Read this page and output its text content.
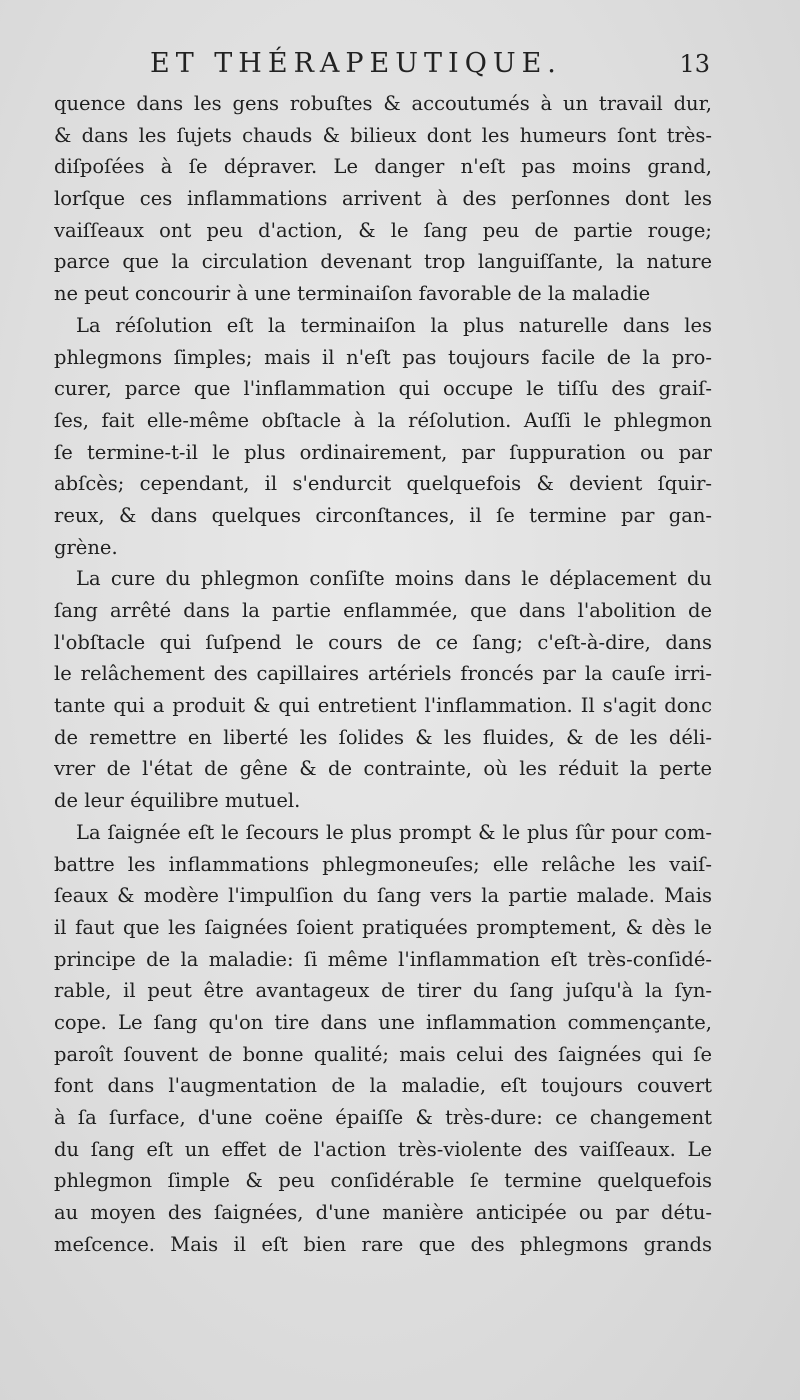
ET THÉRAPEUTIQUE.	13
quence dans les gens robuſtes & accoutumés à un travail dur,
& dans les ſujets chauds & bilieux dont les humeurs ſont très-
diſpoſées à ſe dépraver. Le danger n'eſt pas moins grand,
lorſque ces inflammations arrivent à des perſonnes dont les
vaiſſeaux ont peu d'action, & le ſang peu de partie rouge;
parce que la circulation devenant trop languiſſante, la nature
ne peut concourir à une terminaiſon favorable de la maladie
La réſolution eſt la terminaiſon la plus naturelle dans les
phlegmons ſimples; mais il n'eſt pas toujours facile de la pro-
curer, parce que l'inflammation qui occupe le tiſſu des graiſ-
ſes, fait elle-même obſtacle à la réſolution. Auſſi le phlegmon
ſe termine-t-il le plus ordinairement, par ſuppuration ou par
abſcès; cependant, il s'endurcit quelquefois & devient ſquir-
reux, & dans quelques circonſtances, il ſe termine par gan-
grène.
La cure du phlegmon conſiſte moins dans le déplacement du
ſang arrêté dans la partie enflammée, que dans l'abolition de
l'obſtacle qui ſuſpend le cours de ce ſang; c'eſt-à-dire, dans
le relâchement des capillaires artériels froncés par la cauſe irri-
tante qui a produit & qui entretient l'inflammation. Il s'agit donc
de remettre en liberté les ſolides & les fluides, & de les déli-
vrer de l'état de gêne & de contrainte, où les réduit la perte
de leur équilibre mutuel.
La ſaignée eſt le ſecours le plus prompt & le plus ſûr pour com-
battre les inflammations phlegmoneuſes; elle relâche les vaiſ-
ſeaux & modère l'impulſion du ſang vers la partie malade. Mais
il faut que les ſaignées ſoient pratiquées promptement, & dès le
principe de la maladie: ſi même l'inflammation eſt très-conſidé-
rable, il peut être avantageux de tirer du ſang juſqu'à la ſyn-
cope. Le ſang qu'on tire dans une inflammation commençante,
paroît ſouvent de bonne qualité; mais celui des ſaignées qui ſe
font dans l'augmentation de la maladie, eſt toujours couvert
à ſa ſurface, d'une coëne épaiſſe & très-dure: ce changement
du ſang eſt un effet de l'action très-violente des vaiſſeaux. Le
phlegmon ſimple & peu conſidérable ſe termine quelquefois
au moyen des ſaignées, d'une manière anticipée ou par détu-
meſcence. Mais il eſt bien rare que des phlegmons grands
